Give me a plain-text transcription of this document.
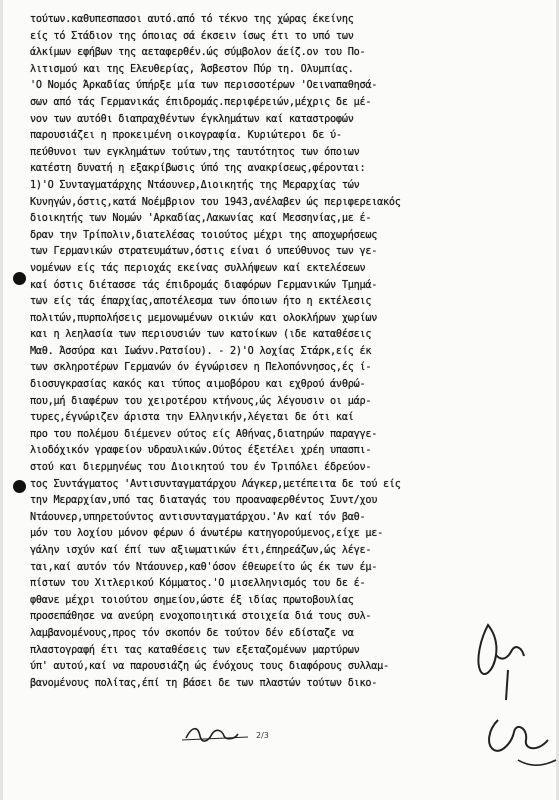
τούτων.καθυπεσπασοι αυτό.από τό τέκνο της χώρας έκείνης
είς τό Στάδιον της όποιας σά έκσειν ίσως έτι το υπό των
άλκίμων εφήβων της αεταφερθέν.ώς σύμβολον άείζ.ον του Πο-
λιτισμού και της Ελευθερίας, Άσβεστον Πύρ τη. Ολυμπίας.
'Ο Νομός Άρκαδίας ύπήρξε μία των περισσοτέρων 'Οειναπαθησά-
σων από τάς Γερμανικάς έπιδρομάς.περιφέρειών,μέχρις δε μέ-
νον των αυτόθι διαπραχθέντων έγκλημάτων καί καταστροφών
παρουσιάζει η προκειμένη οικογραφία. Κυριώτεροι δε ύ-
πεύθυνοι των εγκλημάτων τούτων,της ταυτότητος των όποιων
κατέστη δυνατή η εξακρίβωσις ύπό της ανακρίσεως,φέρονται:
1)'Ο Συνταγματάρχης Ντάουνερ,Διοικητής της Μεραρχίας τών
Κυνηγών,όστις,κατά Νοέμβριον του 1943,ανέλαβεν ώς περιφερειακός
διοικητής των Νομών 'Αρκαδίας,Λακωνίας καί Μεσσηνίας,με έ-
δραν την Τρίπολιν,διατελέσας τοιούτος μέχρι της αποχωρήσεως
των Γερμανικών στρατευμάτων,όστις είναι ό υπεύθυνος των γε-
νομένων είς τάς περιοχάς εκείνας συλλήψεων καί εκτελέσεων
καί όστις διέτασσε τάς έπιδρομάς διαφόρων Γερμανικών Τμημά-
των είς τάς έπαρχίας,αποτέλεσμα των όποιων ήτο η εκτέλεσις
πολιτών,πυρπολήσεις μεμονωμένων οικιών και ολοκλήρων χωρίων
και η λεηλασία των περιουσιών των κατοίκων (ιδε καταθέσεις
Μαθ. Άσσύρα και Ιωάνν.Ρατσίου). - 2)'Ο λοχίας Στάρκ,είς έκ
των σκληροτέρων Γερμανών όν έγνώρισεν η Πελοπόννησος,ές ί-
διοσυγκρασίας κακός και τύπος αιμοβόρου και εχθρού άνθρώ-
που,μή διαφέρων του χειροτέρου κτήνους,ώς λέγουσιν οι μάρ-
τυρες,έγνώριζεν άριστα την Ελληνικήν,λέγεται δε ότι καί
προ του πολέμου διέμενεν ούτος είς Αθήνας,διατηρών παραγγε-
λιοδόχικόν γραφείον υδραυλικών.Ούτος έξετέλει χρέη υπασπι-
στού και διερμηνέως του Διοικητού του έν Τριπόλει έδρεύον-
τος Συντάγματος 'Αντισυνταγματάρχου Λάγκερ,μετέπειτα δε τού είς
την Μεραρχίαν,υπό τας διαταγάς του προαναφερθέντος Συντ/χου
Ντάουνερ,υπηρετούντος αντισυνταγματάρχου.'Αν καί τόν βαθ-
μόν του λοχίου μόνον φέρων ό άνωτέρω κατηγορούμενος,είχε με-
γάλην ισχύν καί έπί των αξιωματικών έτι,έπηρεάζων,ώς λέγε-
ται,καί αυτόν τόν Ντάουνερ,καθ'όσον έθεωρείτο ώς έκ των έμ-
πίστων του Χιτλερικού Κόμματος.'Ο μισελληνισμός του δε έ-
φθανε μέχρι τοιούτου σημείου,ώστε έξ ιδίας πρωτοβουλίας
προσεπάθησε να ανεύρη ενοχοποιητικά στοιχεία διά τους συλ-
λαμβανομένους,προς τόν σκοπόν δε τούτον δέν εδίσταζε να
πλαστογραφή έτι τας καταθέσεις των εξεταζομένων μαρτύρων
ύπ' αυτού,καί να παρουσιάζη ώς ένόχους τους διαφόρους συλλαμ-
βανομένους πολίτας,έπί τη βάσει δε των πλαστών τούτων δικο-
2/3
